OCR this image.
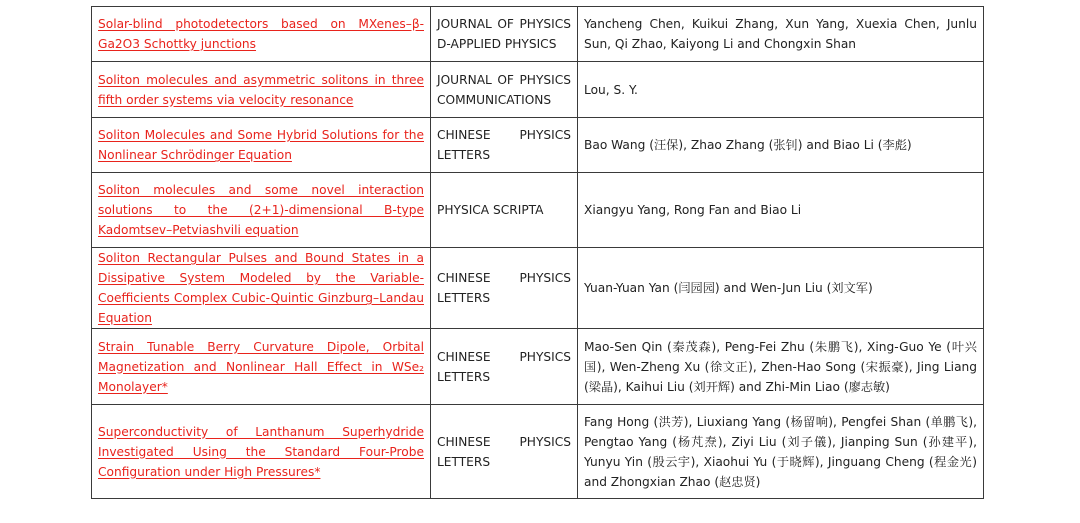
Solar-blind photodetectors based on MXenes–β-Ga2O3 Schottky junctions	JOURNAL OF PHYSICS D-APPLIED PHYSICS	Yancheng Chen, Kuikui Zhang, Xun Yang, Xuexia Chen, Junlu Sun, Qi Zhao, Kaiyong Li and Chongxin Shan
Soliton molecules and asymmetric solitons in three fifth order systems via velocity resonance	JOURNAL OF PHYSICS COMMUNICATIONS	Lou, S. Y.
Soliton Molecules and Some Hybrid Solutions for the Nonlinear Schrödinger Equation	CHINESE PHYSICS LETTERS	Bao Wang (汪保), Zhao Zhang (张钊) and Biao Li (李彪)
Soliton molecules and some novel interaction solutions to the (2+1)-dimensional B-type Kadomtsev–Petviashvili equation	PHYSICA SCRIPTA	Xiangyu Yang, Rong Fan and Biao Li
Soliton Rectangular Pulses and Bound States in a Dissipative System Modeled by the Variable-Coefficients Complex Cubic-Quintic Ginzburg–Landau Equation	CHINESE PHYSICS LETTERS	Yuan-Yuan Yan (闫园园) and Wen-Jun Liu (刘文军)
Strain Tunable Berry Curvature Dipole, Orbital Magnetization and Nonlinear Hall Effect in WSe₂ Monolayer*	CHINESE PHYSICS LETTERS	Mao-Sen Qin (秦茂森), Peng-Fei Zhu (朱鹏飞), Xing-Guo Ye (叶兴国), Wen-Zheng Xu (徐文正), Zhen-Hao Song (宋振豪), Jing Liang (梁晶), Kaihui Liu (刘开辉) and Zhi-Min Liao (廖志敏)
Superconductivity of Lanthanum Superhydride Investigated Using the Standard Four-Probe Configuration under High Pressures*	CHINESE PHYSICS LETTERS	Fang Hong (洪芳), Liuxiang Yang (杨留响), Pengfei Shan (单鹏飞), Pengtao Yang (杨芃焘), Ziyi Liu (刘子儀), Jianping Sun (孙建平), Yunyu Yin (殷云宇), Xiaohui Yu (于晓辉), Jinguang Cheng (程金光) and Zhongxian Zhao (赵忠贤)
